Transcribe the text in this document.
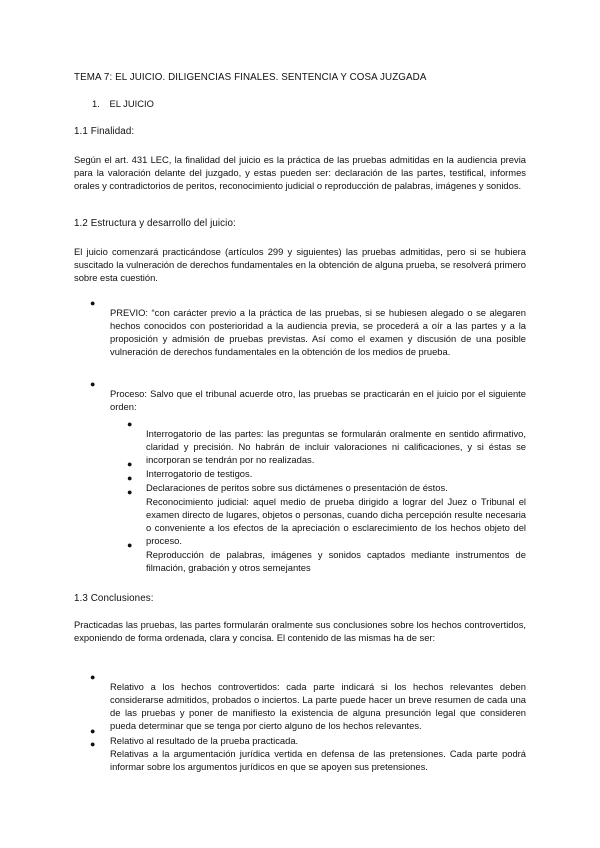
TEMA 7: EL JUICIO. DILIGENCIAS FINALES. SENTENCIA Y COSA JUZGADA
1. EL JUICIO
1.1 Finalidad:

Según el art. 431 LEC, la finalidad del juicio es la práctica de las pruebas admitidas en la audiencia previa para la valoración delante del juzgado, y estas pueden ser: declaración de las partes, testifical, informes orales y contradictorios de peritos, reconocimiento judicial o reproducción de palabras, imágenes y sonidos.

1.2 Estructura y desarrollo del juicio:

El juicio comenzará practicándose (artículos 299 y siguientes) las pruebas admitidas, pero si se hubiera suscitado la vulneración de derechos fundamentales en la obtención de alguna prueba, se resolverá primero sobre esta cuestión.

●

PREVIO: “con carácter previo a la práctica de las pruebas, si se hubiesen alegado o se alegaren hechos conocidos con posterioridad a la audiencia previa, se procederá a oír a las partes y a la proposición y admisión de pruebas previstas. Así como el examen y discusión de una posible vulneración de derechos fundamentales en la obtención de los medios de prueba.

●

Proceso: Salvo que el tribunal acuerde otro, las pruebas se practicarán en el juicio por el siguiente orden:

●

Interrogatorio de las partes: las preguntas se formularán oralmente en sentido afirmativo, claridad y precisión. No habrán de incluir valoraciones ni calificaciones, y si éstas se incorporan se tendrán por no realizadas.

●

Interrogatorio de testigos.

●

Declaraciones de peritos sobre sus dictámenes o presentación de éstos.

●

Reconocimiento judicial: aquel medio de prueba dirigido a lograr del Juez o Tribunal el examen directo de lugares, objetos o personas, cuando dicha percepción resulte necesaria o conveniente a los efectos de la apreciación o esclarecimiento de los hechos objeto del proceso.

●

Reproducción de palabras, imágenes y sonidos captados mediante instrumentos de filmación, grabación y otros semejantes

1.3 Conclusiones:

Practicadas las pruebas, las partes formularán oralmente sus conclusiones sobre los hechos controvertidos, exponiendo de forma ordenada, clara y concisa. El contenido de las mismas ha de ser:

●

Relativo a los hechos controvertidos: cada parte indicará si los hechos relevantes deben considerarse admitidos, probados o inciertos. La parte puede hacer un breve resumen de cada una de las pruebas y poner de manifiesto la existencia de alguna presunción legal que consideren pueda determinar que se tenga por cierto alguno de los hechos relevantes.

●

Relativo al resultado de la prueba practicada.

●

Relativas a la argumentación jurídica vertida en defensa de las pretensiones. Cada parte podrá informar sobre los argumentos jurídicos en que se apoyen sus pretensiones.
